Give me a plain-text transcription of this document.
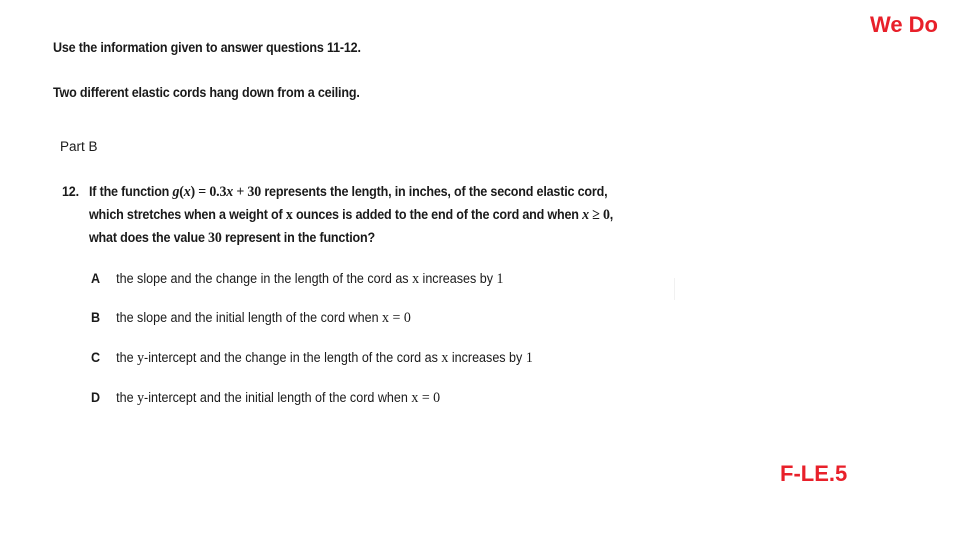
We Do
Use the information given to answer questions 11-12.
Two different elastic cords hang down from a ceiling.
Part B
12. If the function g(x) = 0.3x + 30 represents the length, in inches, of the second elastic cord,
which stretches when a weight of x ounces is added to the end of the cord and when x ≥ 0,
what does the value 30 represent in the function?
A the slope and the change in the length of the cord as x increases by 1
B the slope and the initial length of the cord when x = 0
C the y-intercept and the change in the length of the cord as x increases by 1
D the y-intercept and the initial length of the cord when x = 0
F-LE.5
